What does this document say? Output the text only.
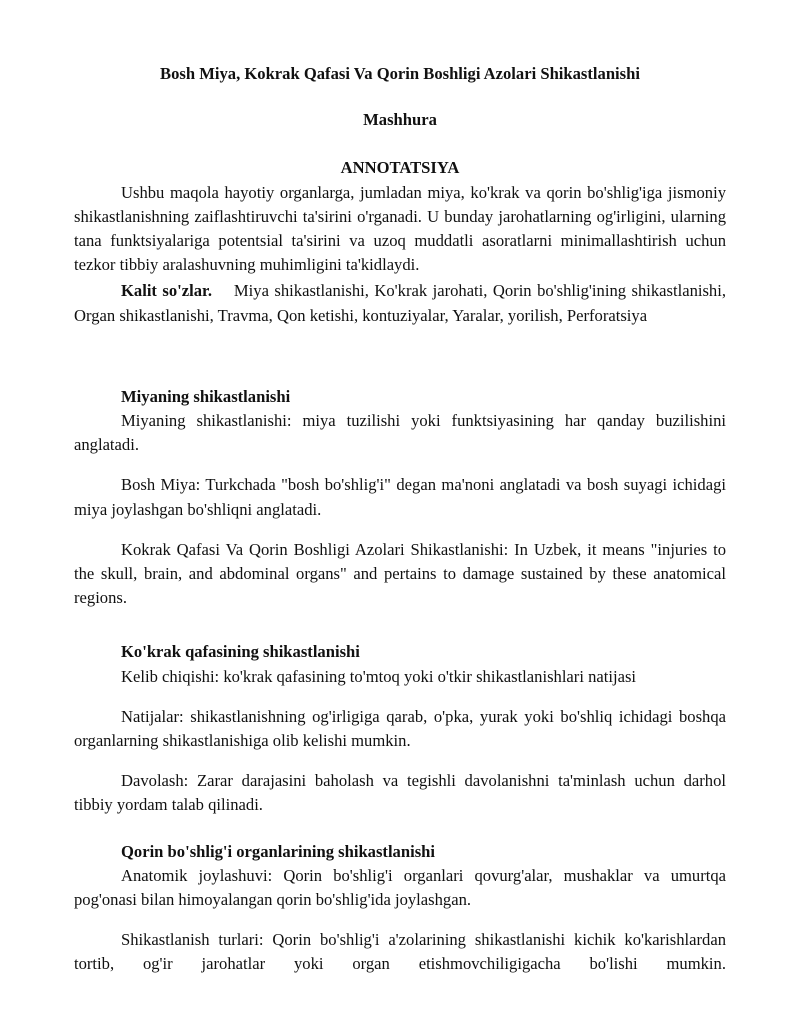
Bosh Miya, Kokrak Qafasi Va Qorin Boshligi Azolari Shikastlanishi
Mashhura
ANNOTATSIYA

Ushbu maqola hayotiy organlarga, jumladan miya, ko'krak va qorin bo'shlig'iga jismoniy shikastlanishning zaiflashtiruvchi ta'sirini o'rganadi. U bunday jarohatlarning og'irligini, ularning tana funktsiyalariga potentsial ta'sirini va uzoq muddatli asoratlarni minimallashtirish uchun tezkor tibbiy aralashuvning muhimligini ta'kidlaydi.

Kalit so'zlar. Miya shikastlanishi, Ko'krak jarohati, Qorin bo'shlig'ining shikastlanishi, Organ shikastlanishi, Travma, Qon ketishi, kontuziyalar, Yaralar, yorilish, Perforatsiya

Miyaning shikastlanishi

Miyaning shikastlanishi: miya tuzilishi yoki funktsiyasining har qanday buzilishini anglatadi.

Bosh Miya: Turkchada "bosh bo'shlig'i" degan ma'noni anglatadi va bosh suyagi ichidagi miya joylashgan bo'shliqni anglatadi.

Kokrak Qafasi Va Qorin Boshligi Azolari Shikastlanishi: In Uzbek, it means "injuries to the skull, brain, and abdominal organs" and pertains to damage sustained by these anatomical regions.

Ko'krak qafasining shikastlanishi

Kelib chiqishi: ko'krak qafasining to'mtoq yoki o'tkir shikastlanishlari natijasi

Natijalar: shikastlanishning og'irligiga qarab, o'pka, yurak yoki bo'shliq ichidagi boshqa organlarning shikastlanishiga olib kelishi mumkin.

Davolash: Zarar darajasini baholash va tegishli davolanishni ta'minlash uchun darhol tibbiy yordam talab qilinadi.

Qorin bo'shlig'i organlarining shikastlanishi

Anatomik joylashuvi: Qorin bo'shlig'i organlari qovurg'alar, mushaklar va umurtqa pog'onasi bilan himoyalangan qorin bo'shlig'ida joylashgan.

Shikastlanish turlari: Qorin bo'shlig'i a'zolarining shikastlanishi kichik ko'karishlardan tortib, og'ir jarohatlar yoki organ etishmovchiligigacha bo'lishi mumkin.
